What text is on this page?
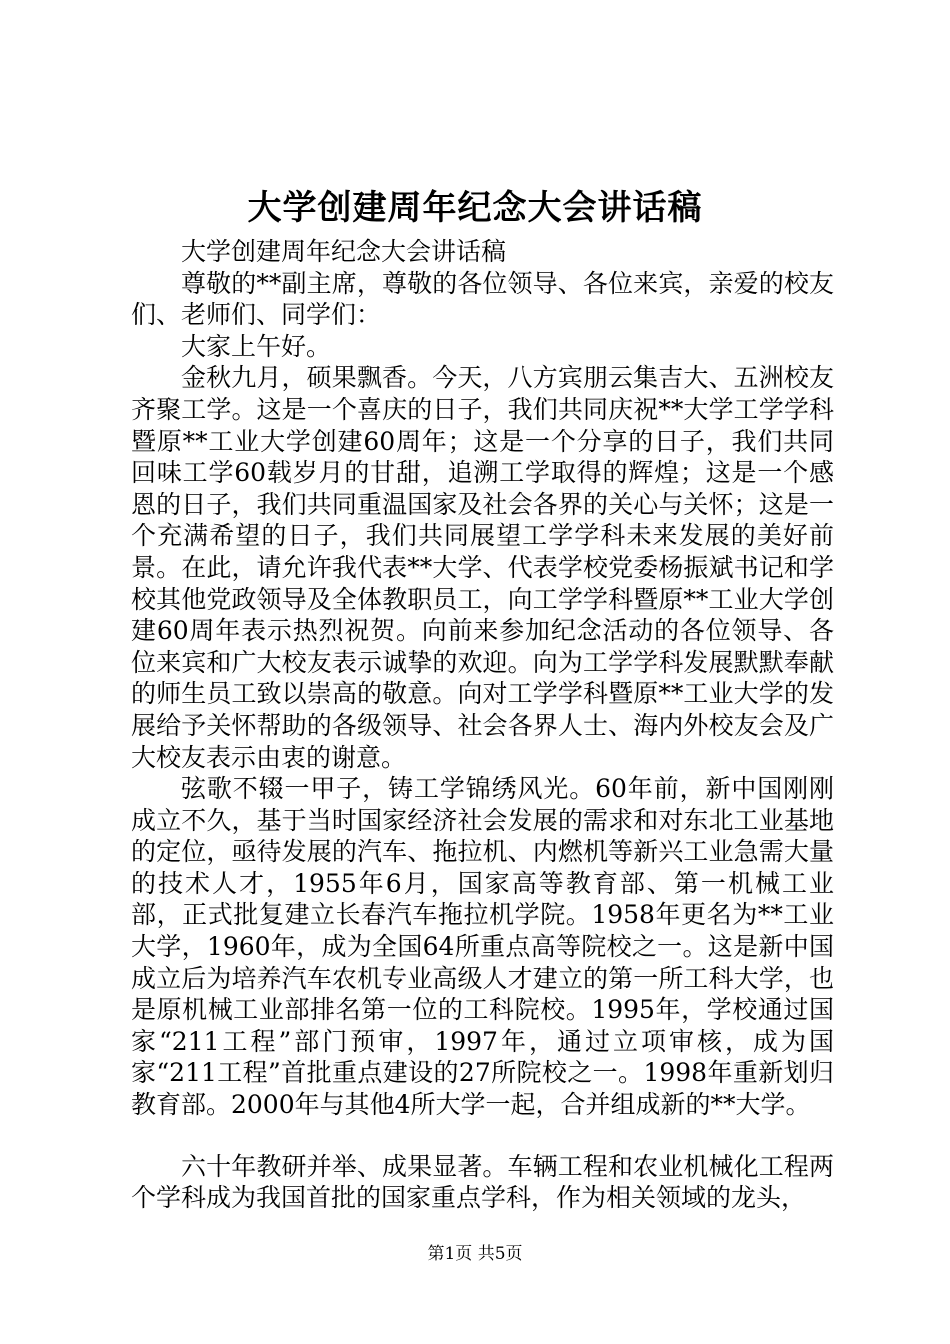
大学创建周年纪念大会讲话稿

大学创建周年纪念大会讲话稿

尊敬的**副主席，尊敬的各位领导、各位来宾，亲爱的校友们、老师们、同学们：

大家上午好。

金秋九月，硕果飘香。今天，八方宾朋云集吉大、五洲校友齐聚工学。这是一个喜庆的日子，我们共同庆祝**大学工学学科暨原**工业大学创建60周年；这是一个分享的日子，我们共同回味工学60载岁月的甘甜，追溯工学取得的辉煌；这是一个感恩的日子，我们共同重温国家及社会各界的关心与关怀；这是一个充满希望的日子，我们共同展望工学学科未来发展的美好前景。在此，请允许我代表**大学、代表学校党委杨振斌书记和学校其他党政领导及全体教职员工，向工学学科暨原**工业大学创建60周年表示热烈祝贺。向前来参加纪念活动的各位领导、各位来宾和广大校友表示诚挚的欢迎。向为工学学科发展默默奉献的师生员工致以崇高的敬意。向对工学学科暨原**工业大学的发展给予关怀帮助的各级领导、社会各界人士、海内外校友会及广大校友表示由衷的谢意。

弦歌不辍一甲子，铸工学锦绣风光。60年前，新中国刚刚成立不久，基于当时国家经济社会发展的需求和对东北工业基地的定位，亟待发展的汽车、拖拉机、内燃机等新兴工业急需大量的技术人才，1955年6月，国家高等教育部、第一机械工业部，正式批复建立长春汽车拖拉机学院。1958年更名为**工业大学，1960年，成为全国64所重点高等院校之一。这是新中国成立后为培养汽车农机专业高级人才建立的第一所工科大学，也是原机械工业部排名第一位的工科院校。1995年，学校通过国家“211工程”部门预审，1997年，通过立项审核，成为国家“211工程”首批重点建设的27所院校之一。1998年重新划归教育部。2000年与其他4所大学一起，合并组成新的**大学。

六十年教研并举、成果显著。车辆工程和农业机械化工程两个学科成为我国首批的国家重点学科，作为相关领域的龙头，

第1页 共5页
